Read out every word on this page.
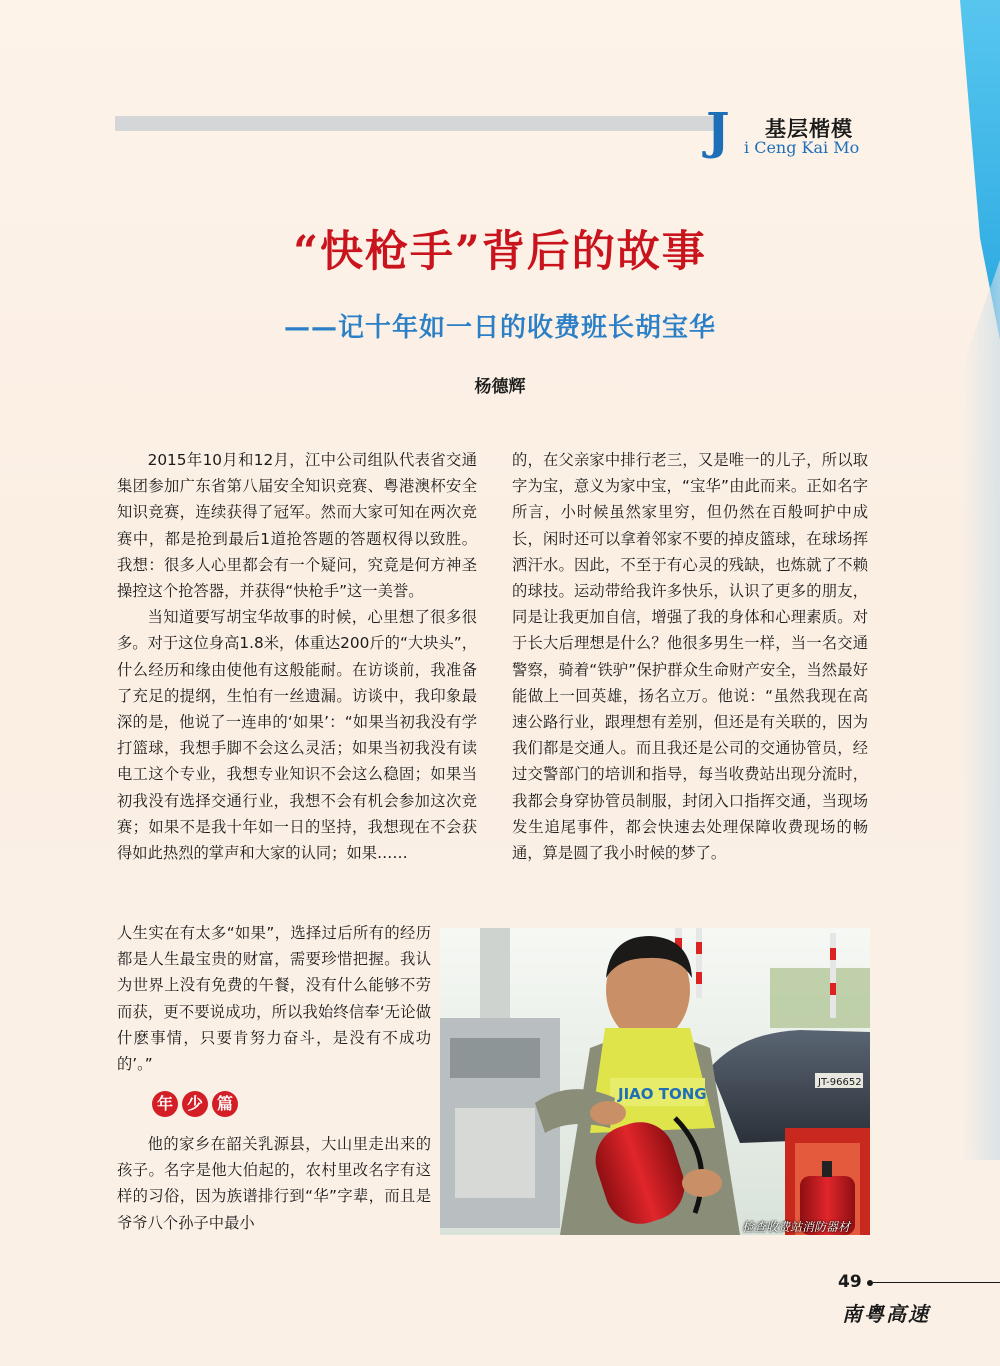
J 基层楷模
i Ceng Kai Mo
“快枪手”背后的故事
——记十年如一日的收费班长胡宝华
杨德辉

2015年10月和12月，江中公司组队代表省交通集团参加广东省第八届安全知识竞赛、粤港澳杯安全知识竞赛，连续获得了冠军。然而大家可知在两次竞赛中，都是抢到最后1道抢答题的答题权得以致胜。我想：很多人心里都会有一个疑问，究竟是何方神圣操控这个抢答器，并获得“快枪手”这一美誉。

当知道要写胡宝华故事的时候，心里想了很多很多。对于这位身高1.8米，体重达200斤的“大块头”，什么经历和缘由使他有这般能耐。在访谈前，我准备了充足的提纲，生怕有一丝遗漏。访谈中，我印象最深的是，他说了一连串的‘如果’：“如果当初我没有学打篮球，我想手脚不会这么灵活；如果当初我没有读电工这个专业，我想专业知识不会这么稳固；如果当初我没有选择交通行业，我想不会有机会参加这次竞赛；如果不是我十年如一日的坚持，我想现在不会获得如此热烈的掌声和大家的认同；如果……

人生实在有太多“如果”，选择过后所有的经历都是人生最宝贵的财富，需要珍惜把握。我认为世界上没有免费的午餐，没有什么能够不劳而获，更不要说成功，所以我始终信奉‘无论做什麽事情，只要肯努力奋斗，是没有不成功的’。”

年 少 篇

他的家乡在韶关乳源县，大山里走出来的孩子。名字是他大伯起的，农村里改名字有这样的习俗，因为族谱排行到“华”字辈，而且是爷爷八个孙子中最小

的，在父亲家中排行老三，又是唯一的儿子，所以取字为宝，意义为家中宝，“宝华”由此而来。正如名字所言，小时候虽然家里穷，但仍然在百般呵护中成长，闲时还可以拿着邻家不要的掉皮篮球，在球场挥洒汗水。因此，不至于有心灵的残缺，也炼就了不赖的球技。运动带给我许多快乐，认识了更多的朋友，同是让我更加自信，增强了我的身体和心理素质。对于长大后理想是什么？他很多男生一样，当一名交通警察，骑着“铁驴”保护群众生命财产安全，当然最好能做上一回英雄，扬名立万。他说：“虽然我现在高速公路行业，跟理想有差别，但还是有关联的，因为我们都是交通人。而且我还是公司的交通协管员，经过交警部门的培训和指导，每当收费站出现分流时，我都会身穿协管员制服，封闭入口指挥交通，当现场发生追尾事件，都会快速去处理保障收费现场的畅通，算是圆了我小时候的梦了。

JT-96652
JIAO TONG
检查收费站消防器材
49
南粤高速
